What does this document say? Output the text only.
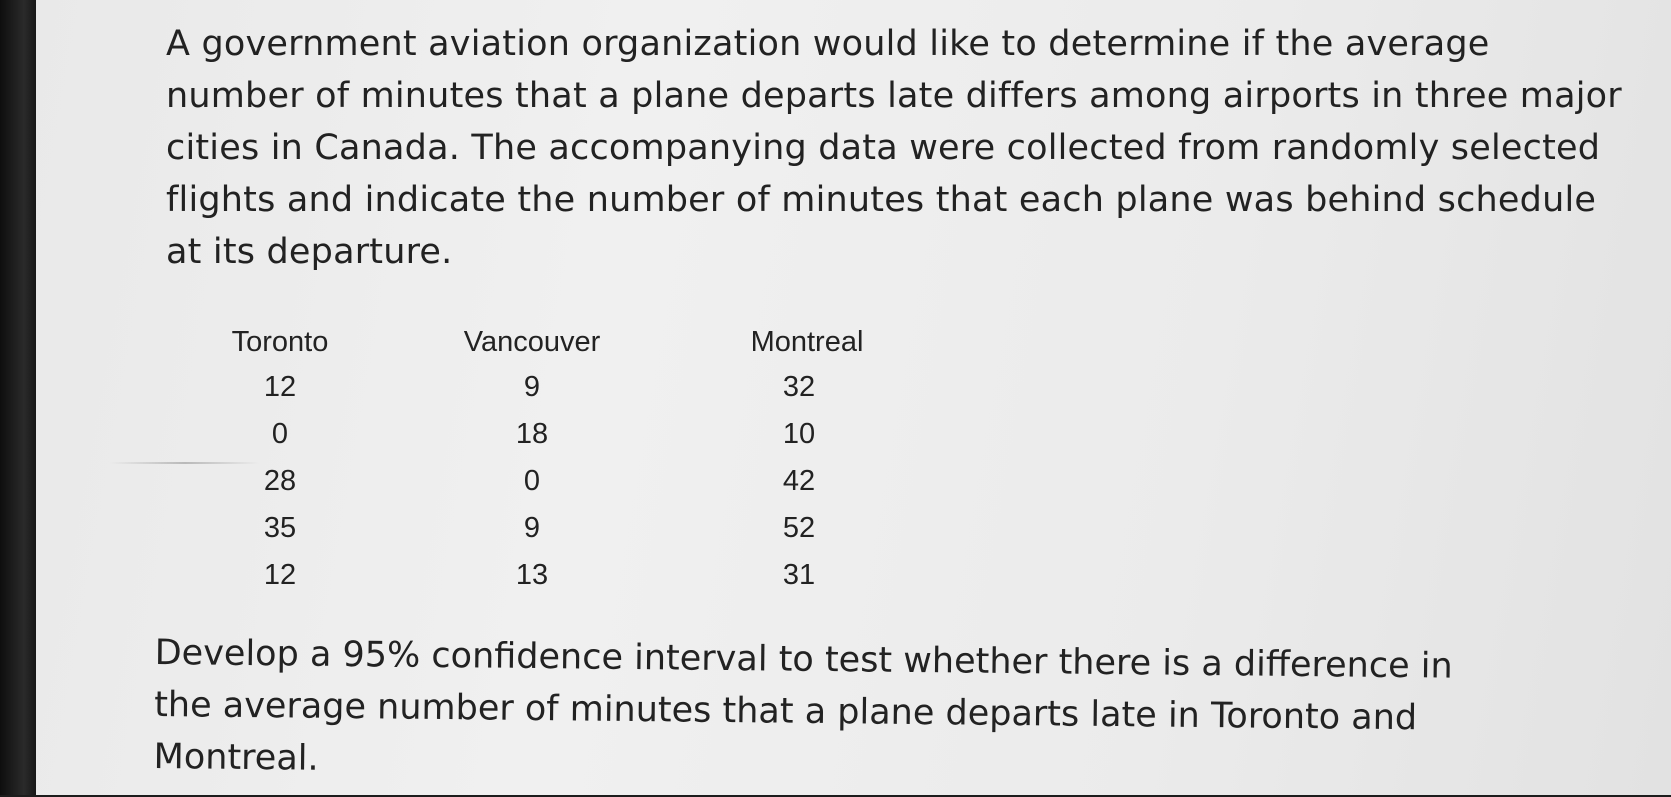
A government aviation organization would like to determine if the average number of minutes that a plane departs late differs among airports in three major cities in Canada. The accompanying data were collected from randomly selected flights and indicate the number of minutes that each plane was behind schedule at its departure.

Toronto
12
0
28
35
12
Vancouver
9
18
0
9
13
Montreal
32
10
42
52
31

Develop a 95% confidence interval to test whether there is a difference in the average number of minutes that a plane departs late in Toronto and Montreal.
